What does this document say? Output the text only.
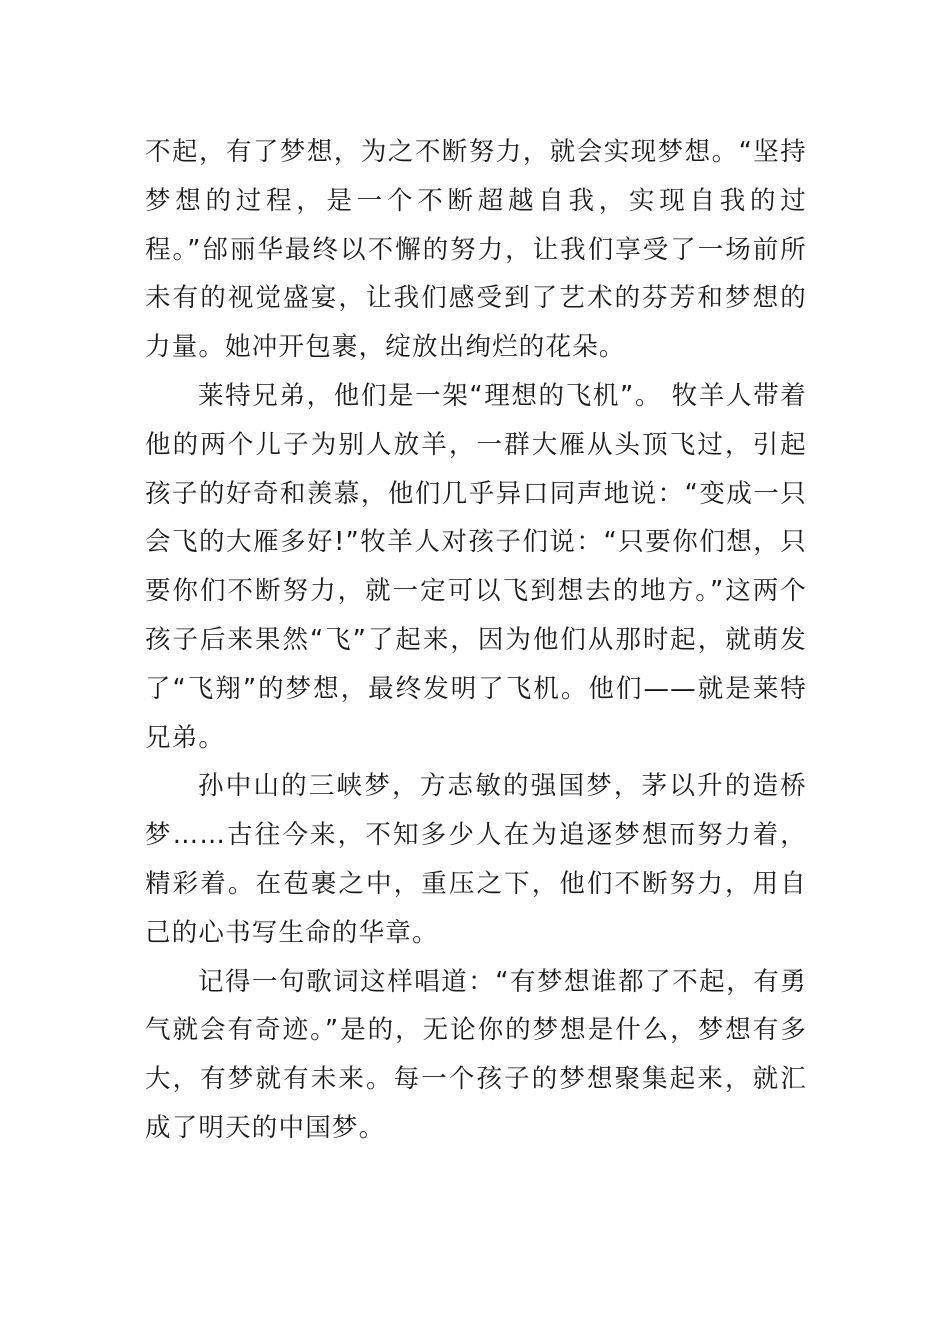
不起，有了梦想，为之不断努力，就会实现梦想。“坚持梦想的过程，是一个不断超越自我，实现自我的过程。”邰丽华最终以不懈的努力，让我们享受了一场前所未有的视觉盛宴，让我们感受到了艺术的芬芳和梦想的力量。她冲开包裹，绽放出绚烂的花朵。

莱特兄弟，他们是一架“理想的飞机”。 牧羊人带着他的两个儿子为别人放羊，一群大雁从头顶飞过，引起孩子的好奇和羡慕，他们几乎异口同声地说：“变成一只会飞的大雁多好!”牧羊人对孩子们说：“只要你们想，只要你们不断努力，就一定可以飞到想去的地方。”这两个孩子后来果然“飞”了起来，因为他们从那时起，就萌发了“飞翔”的梦想，最终发明了飞机。他们——就是莱特兄弟。

孙中山的三峡梦，方志敏的强国梦，茅以升的造桥梦……古往今来，不知多少人在为追逐梦想而努力着，精彩着。在苞裹之中，重压之下，他们不断努力，用自己的心书写生命的华章。

记得一句歌词这样唱道：“有梦想谁都了不起，有勇气就会有奇迹。”是的，无论你的梦想是什么，梦想有多大，有梦就有未来。每一个孩子的梦想聚集起来，就汇成了明天的中国梦。
